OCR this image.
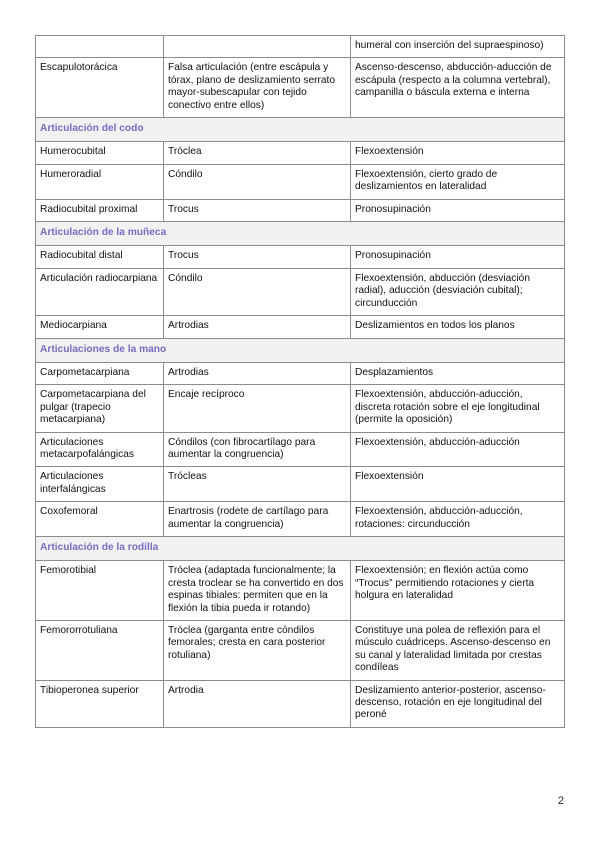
		humeral con inserción del supraespinoso)
Escapulotorácica	Falsa articulación (entre escápula y tórax, plano de deslizamiento serrato mayor-subescapular con tejido conectivo entre ellos)	Ascenso-descenso, abducción-aducción de escápula (respecto a la columna vertebral), campanilla o báscula externa e interna
Articulación del codo		
Humerocubital	Tróclea	Flexoextensión
Humeroradial	Cóndilo	Flexoextensión, cierto grado de deslizamientos en lateralidad
Radiocubital proximal	Trocus	Pronosupinación
Articulación de la muñeca		
Radiocubital distal	Trocus	Pronosupinación
Articulación radiocarpiana	Cóndilo	Flexoextensión, abducción (desviación radial), aducción (desviación cubital); circunducción
Mediocarpiana	Artrodias	Deslizamientos en todos los planos
Articulaciones de la mano		
Carpometacarpiana	Artrodias	Desplazamientos
Carpometacarpiana del pulgar (trapecio metacarpiana)	Encaje recíproco	Flexoextensión, abducción-aducción, discreta rotación sobre el eje longitudinal (permite la oposición)
Articulaciones metacarpofalángicas	Cóndilos (con fibrocartílago para aumentar la congruencia)	Flexoextensión, abducción-aducción
Articulaciones interfalángicas	Trócleas	Flexoextensión
Coxofemoral	Enartrosis (rodete de cartílago para aumentar la congruencia)	Flexoextensión, abducción-aducción, rotaciones: circunducción
Articulación de la rodilla		
Femorotibial	Tróclea (adaptada funcionalmente; la cresta troclear se ha convertido en dos espinas tibiales: permiten que en la flexión la tibia pueda ir rotando)	Flexoextensión; en flexión actúa como “Trocus” permitiendo rotaciones y cierta holgura en lateralidad
Femororrotuliana	Tróclea (garganta entre cóndilos femorales; cresta en cara posterior rotuliana)	Constituye una polea de reflexión para el músculo cuádriceps. Ascenso-descenso en su canal y lateralidad limitada por crestas condíleas
Tibioperonea superior	Artrodia	Deslizamiento anterior-posterior, ascenso-descenso, rotación en eje longitudinal del peroné
2
